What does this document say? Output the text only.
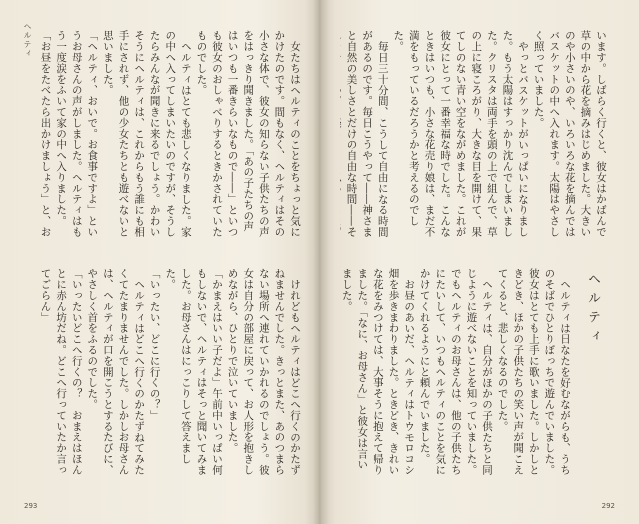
ヘルティ

女たちはヘルティのことをちょっと気にかけたのです。間もなく、ヘルティはその小さな体で、彼女の知らない子供たちの声をはっきり聞きました。「あの子たちの声はいつも一番きらいなもので――」といつも彼女のおしゃべりするときかされていたものでした。

ヘルティはとても悲しくなりました。家の中へ入ってしまいたいのですが、そうしたらみんなが聞きに来るでしょう。かわいそうにヘルティは、これからもう誰にも相手にされず、他の少女たちとも遊べないと思いました。

「ヘルティ、おいで。お食事ですよ」というお母さんの声がしました。ヘルティはもう一度涙をふいて家の中へ入りました。

「お昼をたべたら出かけましょう」と、お

けれどもヘルティはどこへ行くのかたずねませんでした。きっとまた、あのつまらない場所へ連れていかれるのでしょう。彼女は自分の部屋に戻って、お人形を抱きしめながら、ひとりで泣いていました。

「かまえはいい子だよ」午前中いっぱい何もしないで、ヘルティはそっと聞いてみました。お母さんはにっこりして答えました。

「いったい、どこに行くの？」

ヘルティはどこへ行くのかたずねてみたくてたまりませんでした。しかしお母さんは、ヘルティが口を開こうとするたびに、やさしく首をふるのでした。

「いったいどこへ行くの？　おまえはほんとに赤ん坊だね。どこへ行っていたか言ってごらん」

293

います。しばらく行くと、彼女はかばんで草の中から花を摘みはじめました。大きいのや小さいのや、いろいろな花を摘んではバスケットの中へ入れます。太陽はやさしく照っていました。

やっとバスケットがいっぱいになりました。もう太陽はすっかり沈んでしまいました。クリスタは両手を頭の上で組んで、草の上に寝ころがり、大きな目を開けて、果てしのない青い空をながめました。これが彼女にとって一番幸福な時でした。こんなときはいつも、小さな花売り娘は、まだ不満をもっているだろうかと考えるのでした。

毎日三十分間、こうして自由になる時間があるのです。毎日こうやって――神さまと自然の美しさとだけの自由な時間――そ

ヘルティ

ヘルティは日なたを好むながらも、うちのそばでひとりぼっちで遊んでいました。彼女はとても上手に歌いました。しかしときどき、ほかの子供たちの笑い声が聞こえてくると、悲しくなるのでした。

ヘルティは、自分がほかの子供たちと同じように遊べないことを知っていました。でもヘルティのお母さんは、他の子供たちにたいして、いつもヘルティのことを気にかけてくれるようにと頼んでいました。

お昼のあいだ、ヘルティはトウモロコシ畑を歩きまわりました。ときどき、きれいな花をみつけては、大事そうに抱えて帰りました。「なに、お母さん」と彼女は言いました。

292
